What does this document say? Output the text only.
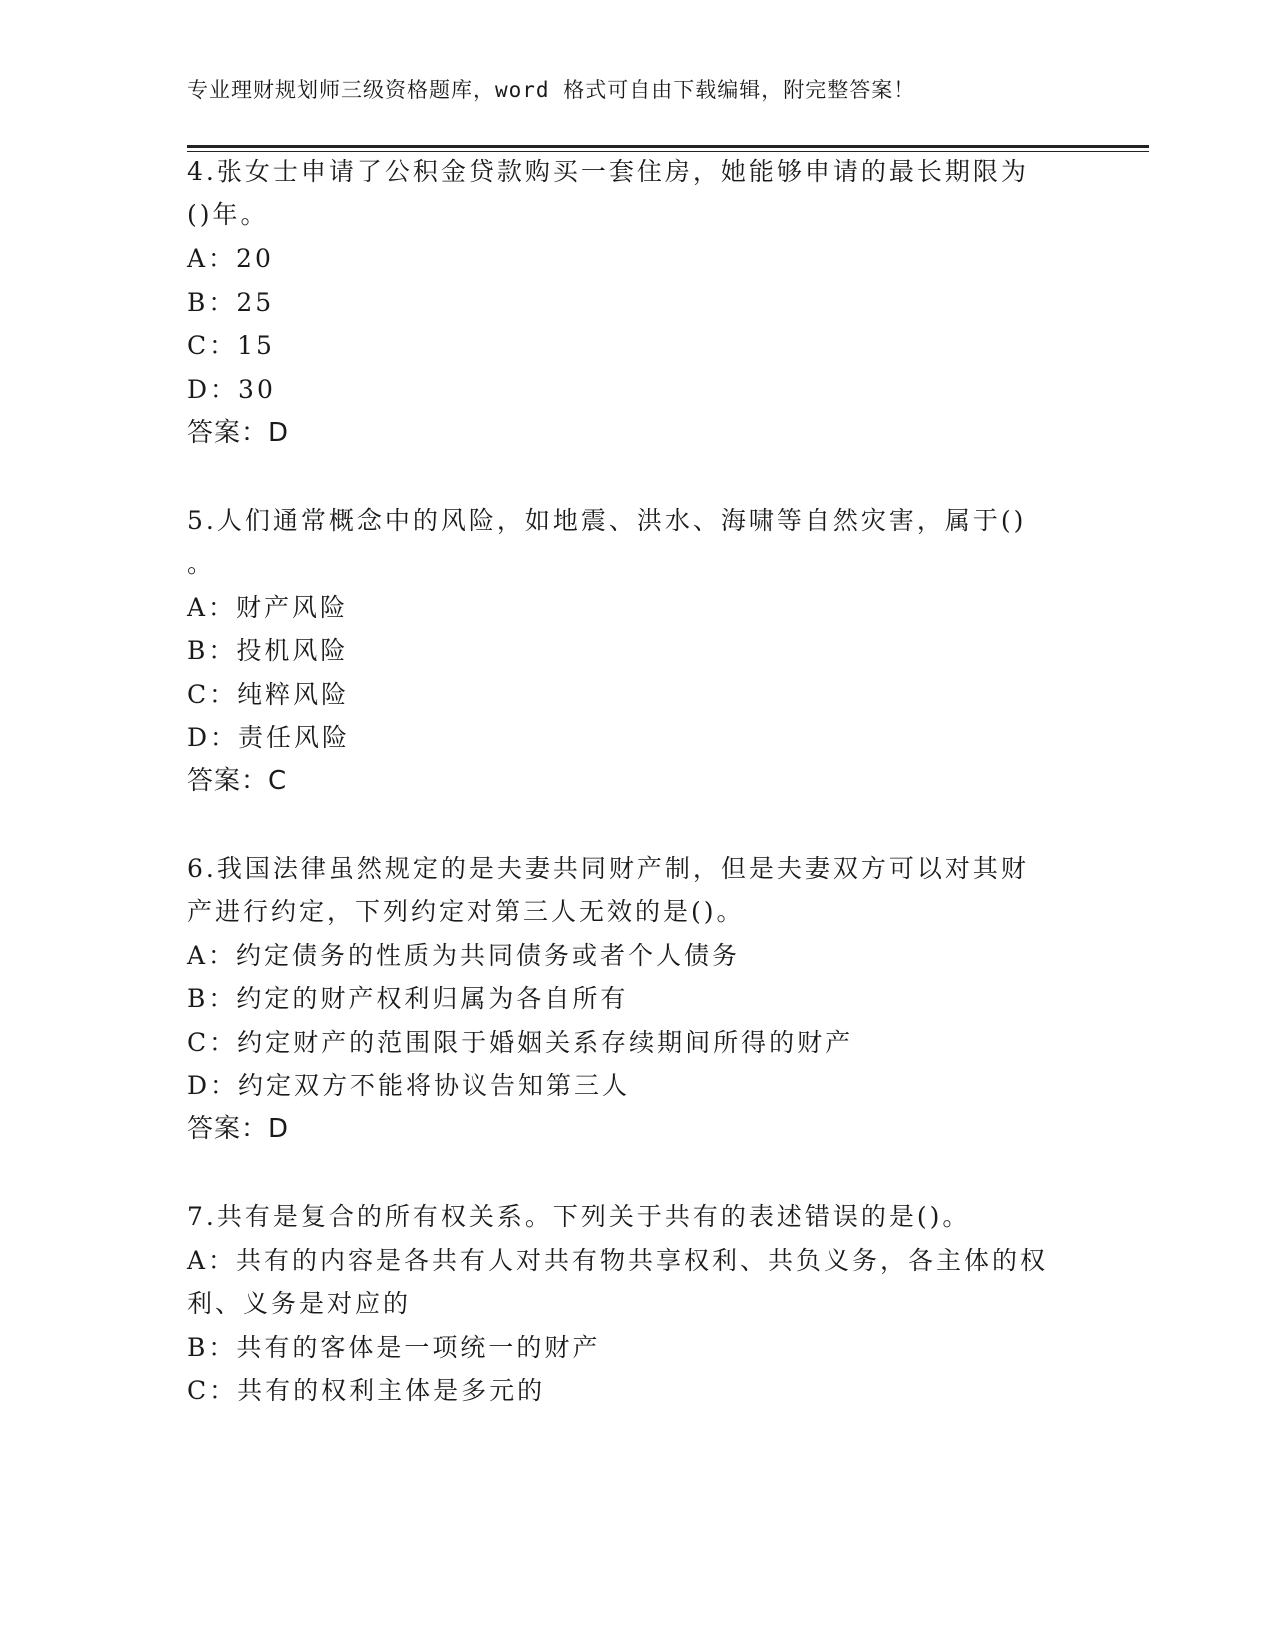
专业理财规划师三级资格题库，word 格式可自由下载编辑，附完整答案！
4.张女士申请了公积金贷款购买一套住房，她能够申请的最长期限为
()年。
A：20
B：25
C：15
D：30
答案：D
5.人们通常概念中的风险，如地震、洪水、海啸等自然灾害，属于()
。
A：财产风险
B：投机风险
C：纯粹风险
D：责任风险
答案：C
6.我国法律虽然规定的是夫妻共同财产制，但是夫妻双方可以对其财
产进行约定，下列约定对第三人无效的是()。
A：约定债务的性质为共同债务或者个人债务
B：约定的财产权利归属为各自所有
C：约定财产的范围限于婚姻关系存续期间所得的财产
D：约定双方不能将协议告知第三人
答案：D
7.共有是复合的所有权关系。下列关于共有的表述错误的是()。
A：共有的内容是各共有人对共有物共享权利、共负义务，各主体的权
利、义务是对应的
B：共有的客体是一项统一的财产
C：共有的权利主体是多元的
